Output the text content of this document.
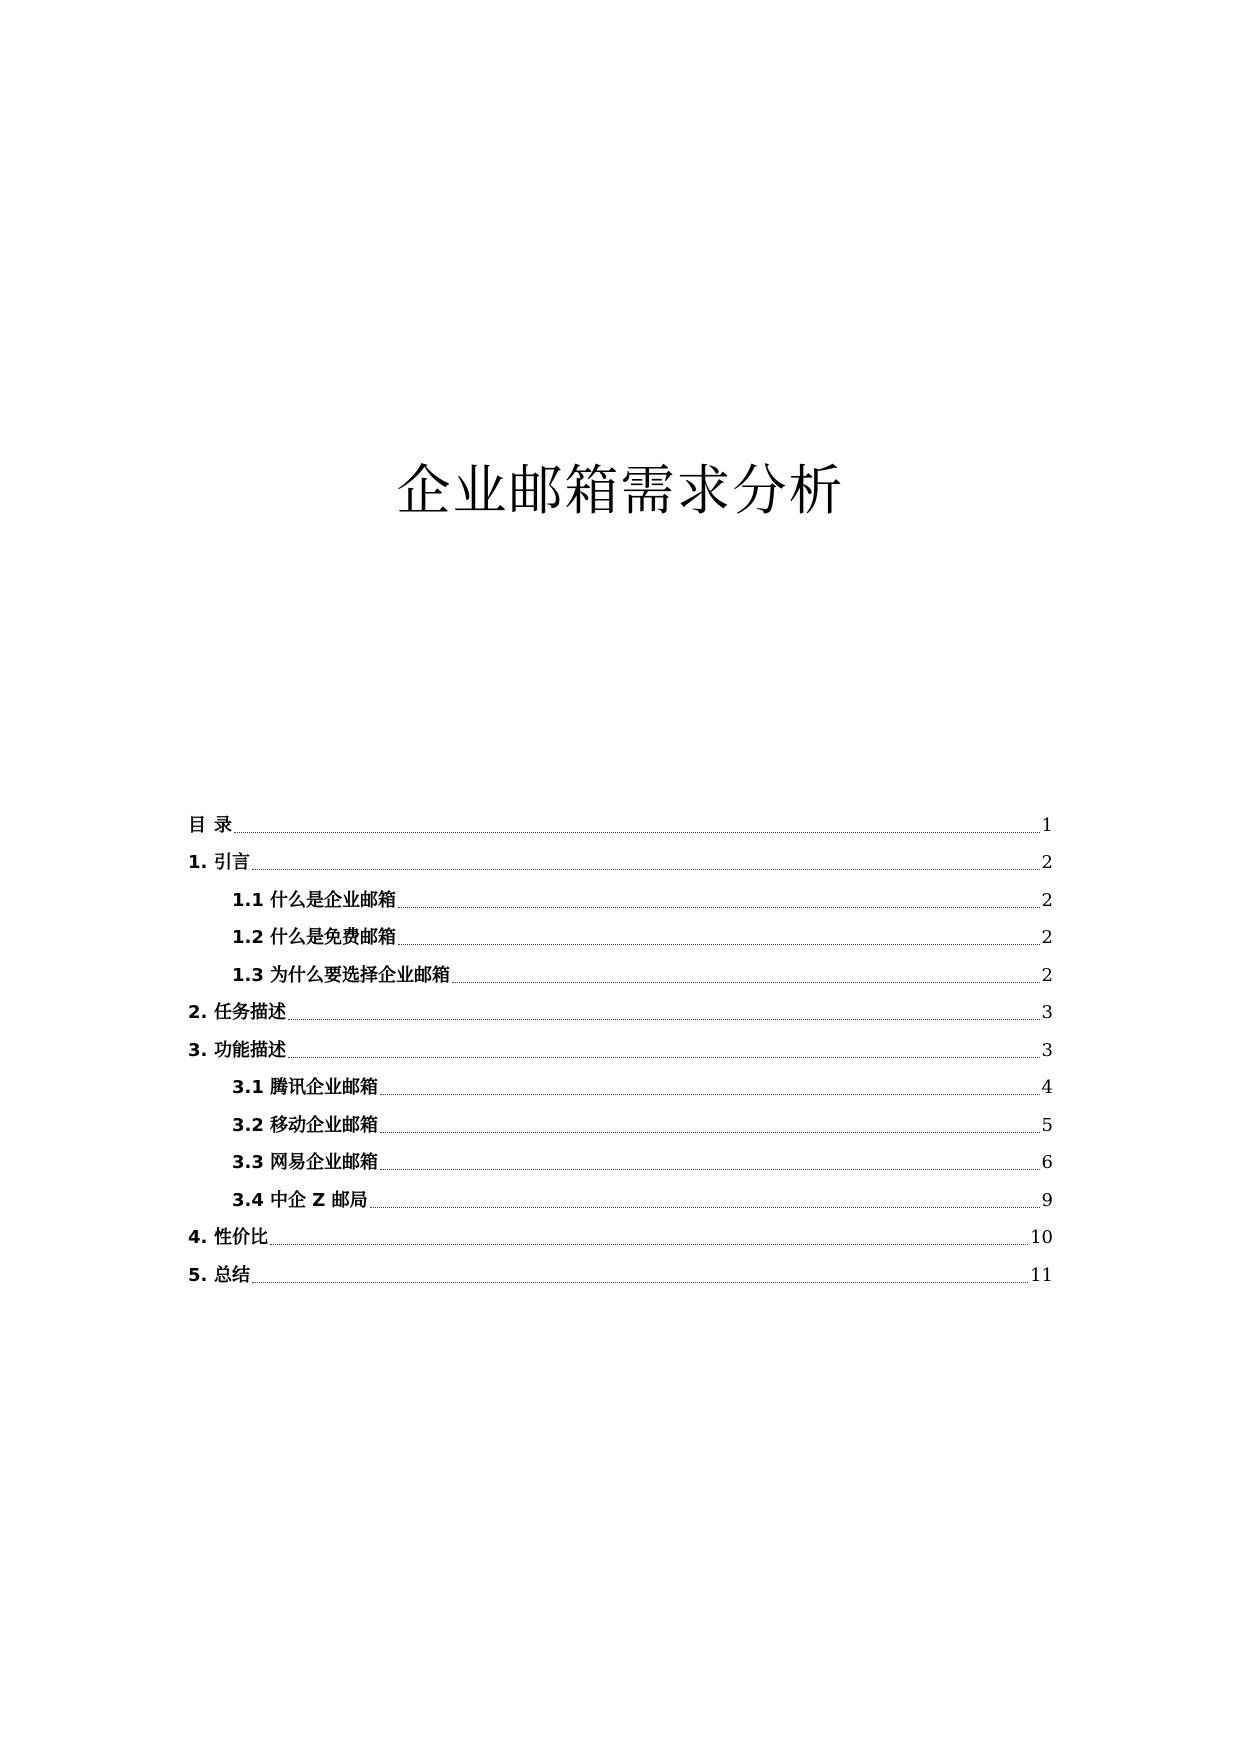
企业邮箱需求分析
目 录	1
1. 引言	2
1.1 什么是企业邮箱	2
1.2 什么是免费邮箱	2
1.3 为什么要选择企业邮箱	2
2. 任务描述	3
3. 功能描述	3
3.1 腾讯企业邮箱	4
3.2 移动企业邮箱	5
3.3 网易企业邮箱	6
3.4 中企 Z 邮局	9
4. 性价比	10
5. 总结	11
